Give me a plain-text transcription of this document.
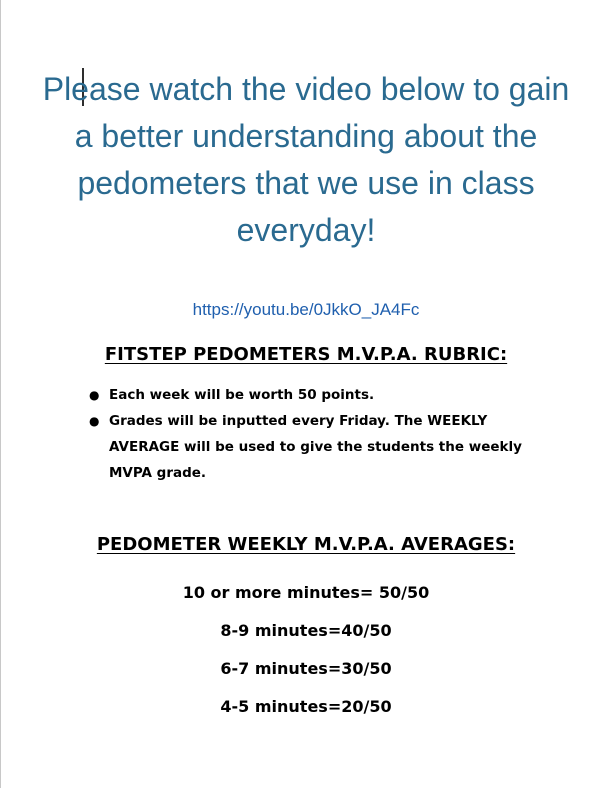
Please watch the video below to gain a better understanding about the pedometers that we use in class everyday!
https://youtu.be/0JkkO_JA4Fc
FITSTEP PEDOMETERS M.V.P.A. RUBRIC:
● Each week will be worth 50 points.
● Grades will be inputted every Friday. The WEEKLY AVERAGE will be used to give the students the weekly MVPA grade.
PEDOMETER WEEKLY M.V.P.A. AVERAGES:
10 or more minutes= 50/50
8-9 minutes=40/50
6-7 minutes=30/50
4-5 minutes=20/50
